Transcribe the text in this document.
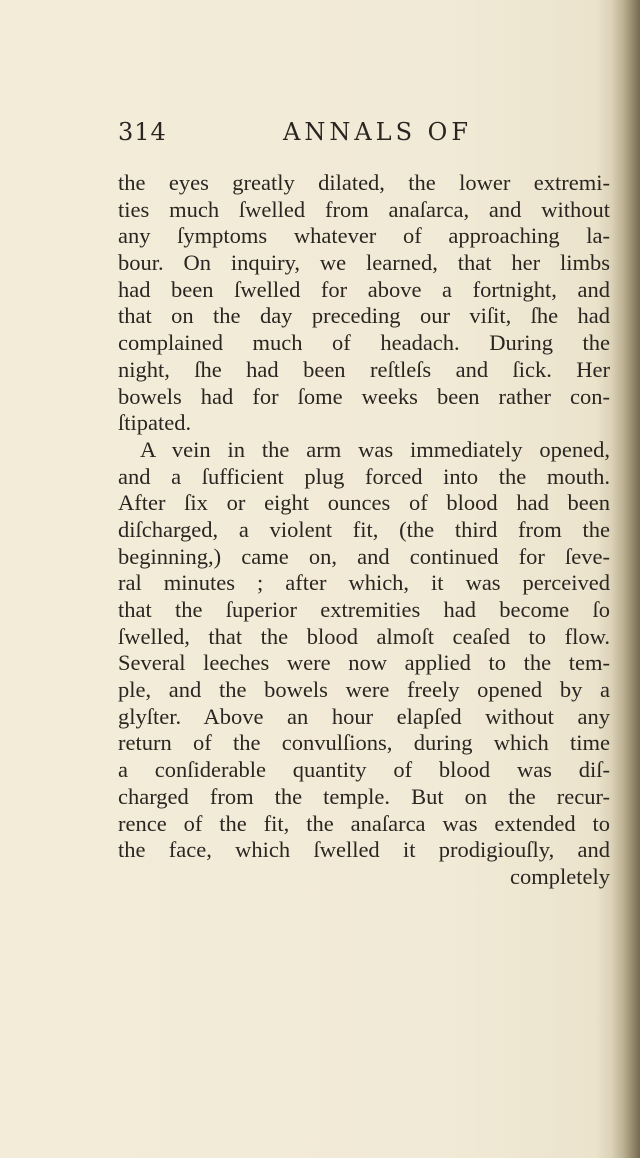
314	ANNALS OF
the eyes greatly dilated, the lower extremi-
ties much ſwelled from anaſarca, and without
any ſymptoms whatever of approaching la-
bour. On inquiry, we learned, that her limbs
had been ſwelled for above a fortnight, and
that on the day preceding our viſit, ſhe had
complained much of headach. During the
night, ſhe had been reſtleſs and ſick. Her
bowels had for ſome weeks been rather con-
ſtipated.
A vein in the arm was immediately opened,
and a ſufficient plug forced into the mouth.
After ſix or eight ounces of blood had been
diſcharged, a violent fit, (the third from the
beginning,) came on, and continued for ſeve-
ral minutes ; after which, it was perceived
that the ſuperior extremities had become ſo
ſwelled, that the blood almoſt ceaſed to flow.
Several leeches were now applied to the tem-
ple, and the bowels were freely opened by a
glyſter. Above an hour elapſed without any
return of the convulſions, during which time
a conſiderable quantity of blood was diſ-
charged from the temple. But on the recur-
rence of the fit, the anaſarca was extended to
the face, which ſwelled it prodigiouſly, and
completely
